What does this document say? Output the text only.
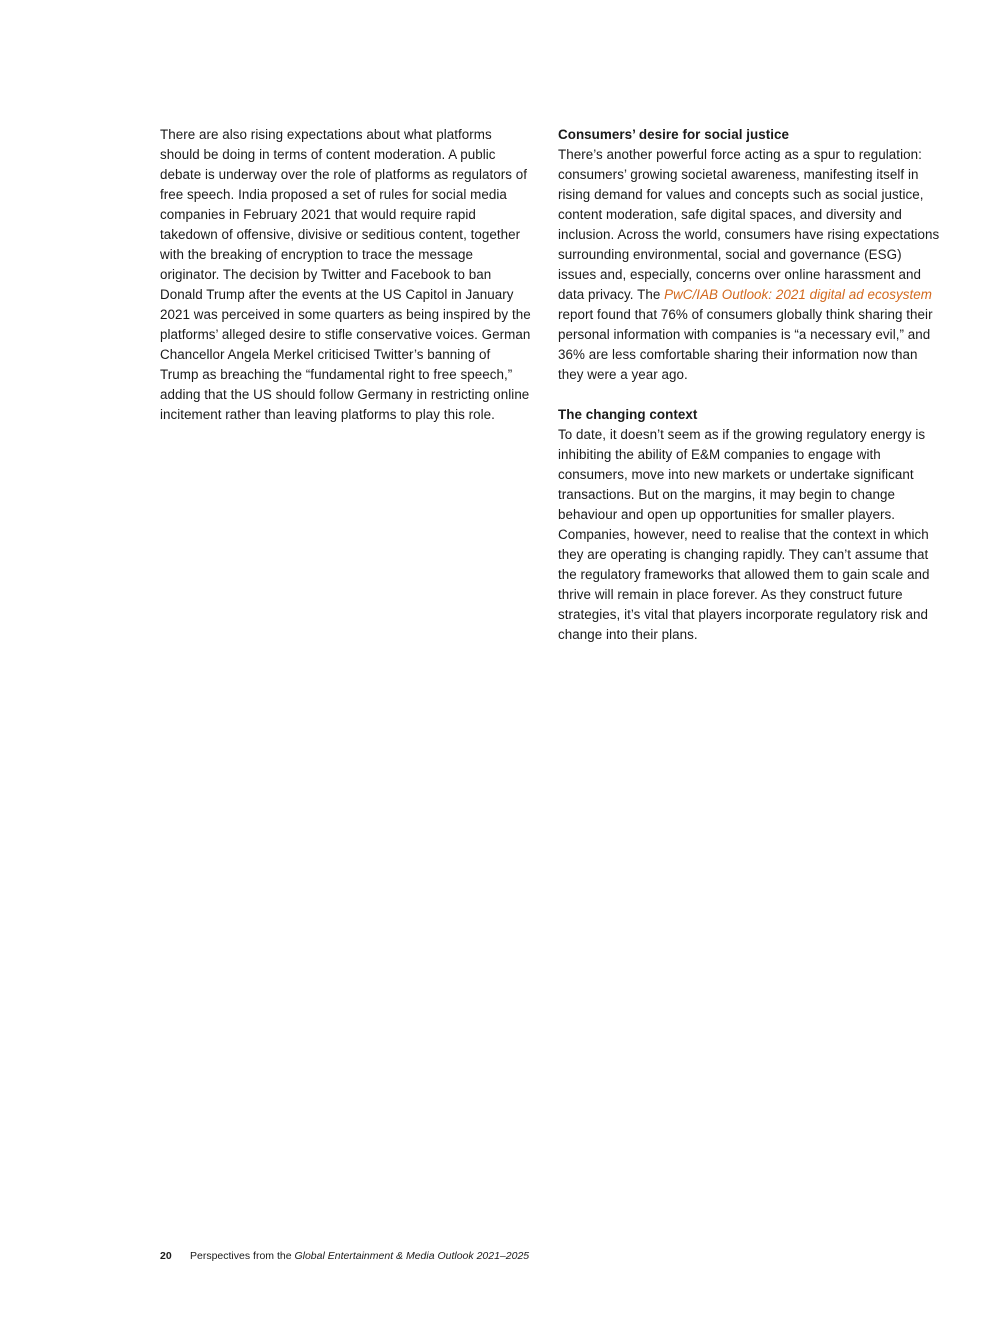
There are also rising expectations about what platforms should be doing in terms of content moderation. A public debate is underway over the role of platforms as regulators of free speech. India proposed a set of rules for social media companies in February 2021 that would require rapid takedown of offensive, divisive or seditious content, together with the breaking of encryption to trace the message originator. The decision by Twitter and Facebook to ban Donald Trump after the events at the US Capitol in January 2021 was perceived in some quarters as being inspired by the platforms’ alleged desire to stifle conservative voices. German Chancellor Angela Merkel criticised Twitter’s banning of Trump as breaching the “fundamental right to free speech,” adding that the US should follow Germany in restricting online incitement rather than leaving platforms to play this role.

Consumers’ desire for social justice

There’s another powerful force acting as a spur to regulation: consumers’ growing societal awareness, manifesting itself in rising demand for values and concepts such as social justice, content moderation, safe digital spaces, and diversity and inclusion. Across the world, consumers have rising expectations surrounding environmental, social and governance (ESG) issues and, especially, concerns over online harassment and data privacy. The PwC/IAB Outlook: 2021 digital ad ecosystem report found that 76% of consumers globally think sharing their personal information with companies is “a necessary evil,” and 36% are less comfortable sharing their information now than they were a year ago.

The changing context

To date, it doesn’t seem as if the growing regulatory energy is inhibiting the ability of E&M companies to engage with consumers, move into new markets or undertake significant transactions. But on the margins, it may begin to change behaviour and open up opportunities for smaller players. Companies, however, need to realise that the context in which they are operating is changing rapidly. They can’t assume that the regulatory frameworks that allowed them to gain scale and thrive will remain in place forever. As they construct future strategies, it’s vital that players incorporate regulatory risk and change into their plans.

20 Perspectives from the Global Entertainment & Media Outlook 2021–2025
